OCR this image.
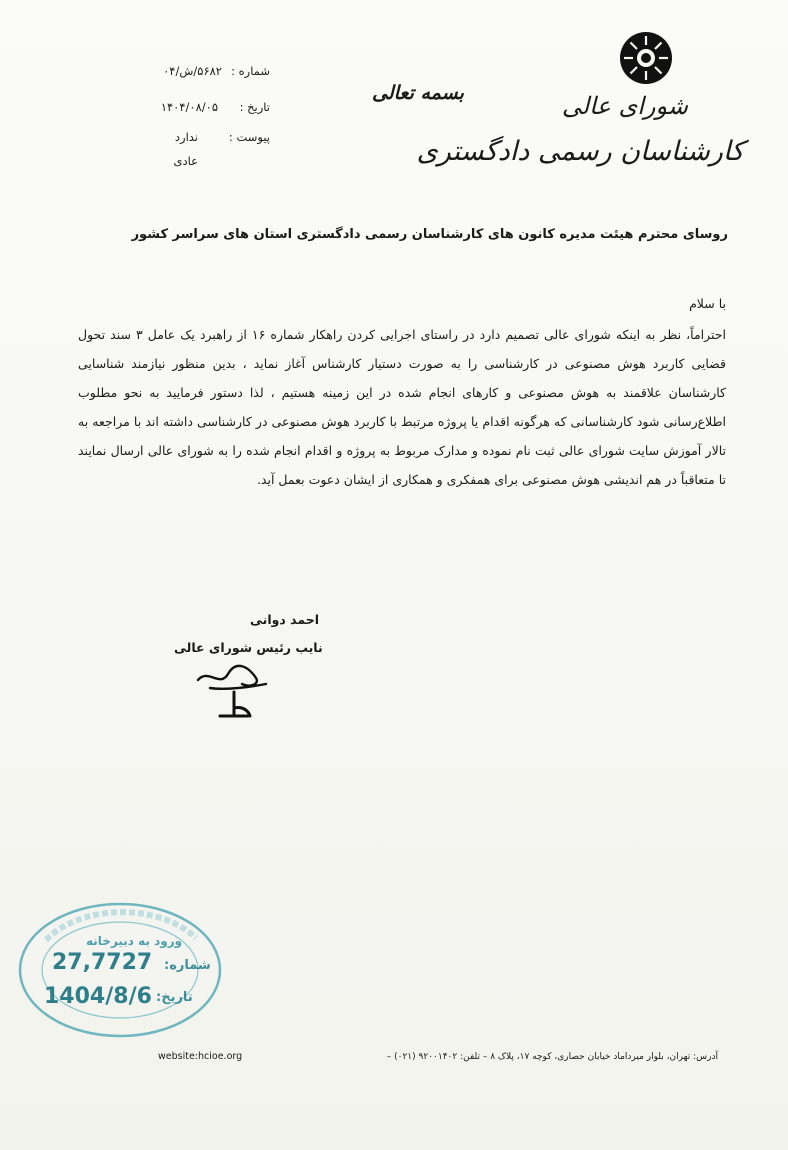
شورای عالی
کارشناسان رسمی دادگستری
بسمه تعالی
شماره :
۵۶۸۲/ش/۰۴
تاریخ :
۱۴۰۴/۰۸/۰۵
پیوست :
ندارد
عادی
روسای محترم هیئت مدیره کانون های کارشناسان رسمی دادگستری استان های سراسر کشور
با سلام
احتراماً، نظر به اینکه شورای عالی تصمیم دارد در راستای اجرایی کردن راهکار شماره ۱۶ از راهبرد یک عامل ۳ سند تحول قضایی کاربرد هوش مصنوعی در کارشناسی را به صورت دستیار کارشناس آغاز نماید ، بدین منظور نیازمند شناسایی کارشناسان علاقمند به هوش مصنوعی و کارهای انجام شده در این زمینه هستیم ، لذا دستور فرمایید به نحو مطلوب اطلاع‌رسانی شود کارشناسانی که هرگونه اقدام یا پروژه مرتبط با کاربرد هوش مصنوعی در کارشناسی داشته اند با مراجعه به تالار آموزش سایت شورای عالی ثبت نام نموده و مدارک مربوط به پروژه و اقدام انجام شده را به شورای عالی ارسال نمایند تا متعاقباً در هم اندیشی هوش مصنوعی برای همفکری و همکاری از ایشان دعوت بعمل آید.
احمد دوانی
نایب رئیس شورای عالی
ورود به دبیرخانه
شماره:
27,7727
تاریخ:
1404/8/6
آدرس: تهران، بلوار میرداماد خیابان حصاری، کوچه ۱۷، پلاک ۸ – تلفن: ۹۲۰۰۱۴۰۲ (۰۲۱) –
website:hcioe.org
